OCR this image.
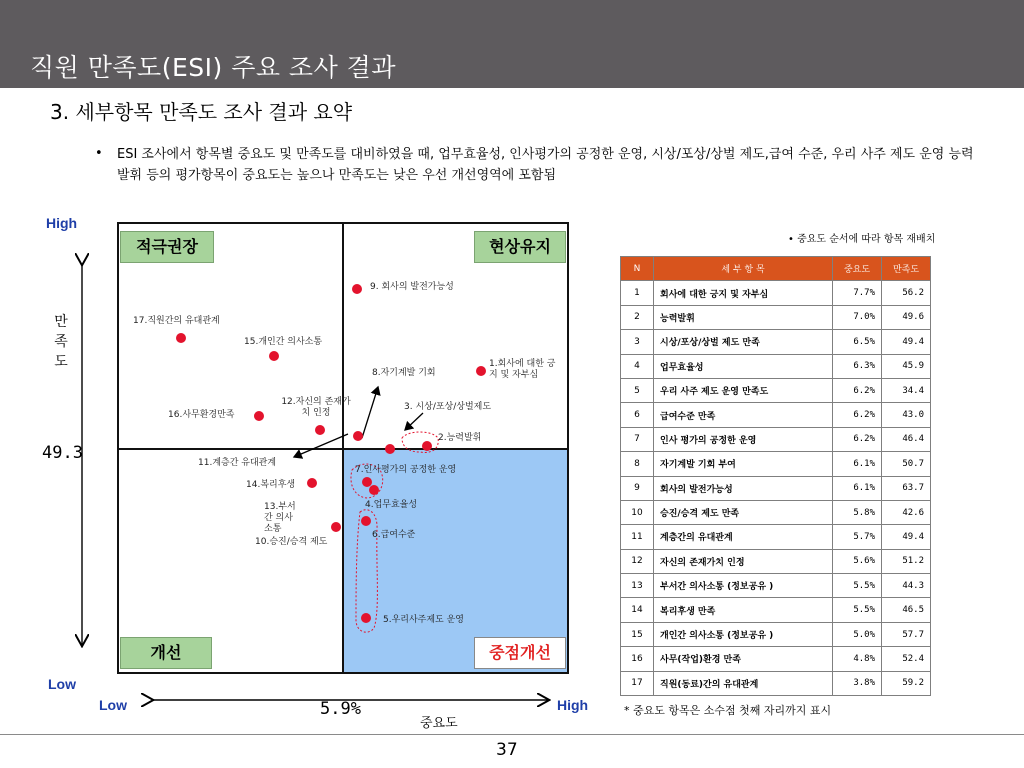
직원 만족도(ESI) 주요 조사 결과
3. 세부항목 만족도 조사 결과 요약
• ESI 조사에서 항목별 중요도 및 만족도를 대비하였을 때, 업무효율성, 인사평가의 공정한 운영, 시상/포상/상벌 제도,급여 수준, 우리 사주 제도 운영 능력발휘 등의 평가항목이 중요도는 높으나 만족도는 낮은 우선 개선영역에 포함됨
High
Low
Low	High
만
족
도
49.3
5.9%
중요도
적극권장	현상유지
개선	중점개선
9. 회사의 발전가능성
17.직원간의 유대관계
15.개인간 의사소통
8.자기계발 기회
1.회사에 대한 긍지 및 자부심
12.자신의 존재가치 인정
16.사무환경만족
3. 시상/포상/상벌제도
2.능력발휘
11.계층간 유대관계
7.인사평가의 공정한 운영
14.복리후생
4.업무효율성
13.부서간 의사소통
10.승진/승격 제도
6.급여수준
5.우리사주제도 운영
• 중요도 순서에 따라 항목 재배치
N	세 부 항 목	중요도	만족도
1	회사에 대한 긍지 및 자부심	7.7%	56.2
2	능력발휘	7.0%	49.6
3	시상/포상/상벌 제도 만족	6.5%	49.4
4	업무효율성	6.3%	45.9
5	우리 사주 제도 운영 만족도	6.2%	34.4
6	급여수준 만족	6.2%	43.0
7	인사 평가의 공정한 운영	6.2%	46.4
8	자기계발 기회 부여	6.1%	50.7
9	회사의 발전가능성	6.1%	63.7
10	승진/승격 제도 만족	5.8%	42.6
11	계층간의 유대관계	5.7%	49.4
12	자신의 존재가치 인정	5.6%	51.2
13	부서간 의사소통 (정보공유 )	5.5%	44.3
14	복리후생 만족	5.5%	46.5
15	개인간 의사소통 (정보공유 )	5.0%	57.7
16	사무(작업)환경 만족	4.8%	52.4
17	직원(동료)간의 유대관계	3.8%	59.2
* 중요도 항목은 소수점 첫째 자리까지 표시
37
